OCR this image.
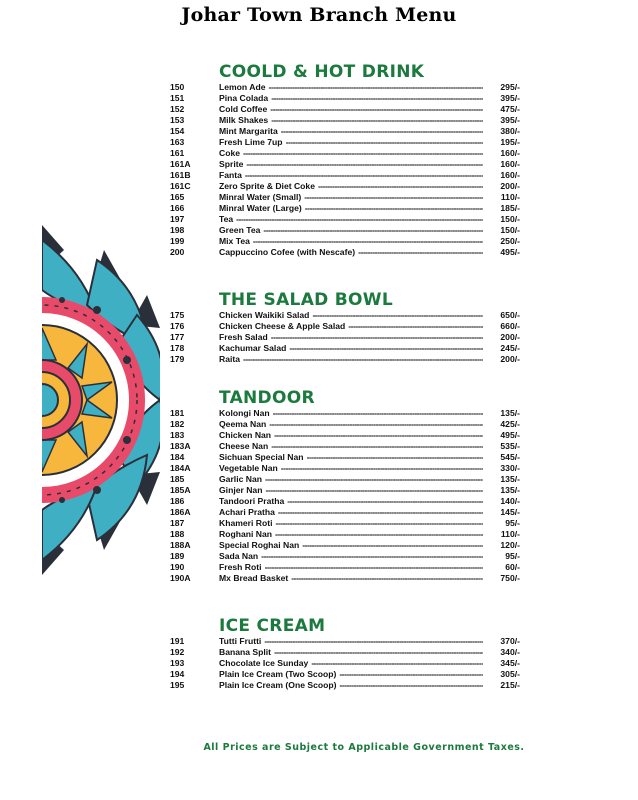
Johar Town Branch Menu
COOLD & HOT DRINK
150	Lemon Ade -----	295/-
151	Pina Colada -----	395/-
152	Cold Coffee -----	475/-
153	Milk Shakes -----	395/-
154	Mint Margarita -----	380/-
163	Fresh Lime 7up -----	195/-
161	Coke -----	160/-
161A	Sprite -----	160/-
161B	Fanta -----	160/-
161C	Zero Sprite & Diet Coke -----	200/-
165	Minral Water (Small) -----	110/-
166	Minral Water (Large) -----	185/-
197	Tea -----	150/-
198	Green Tea -----	150/-
199	Mix Tea -----	250/-
200	Cappuccino Cofee (with Nescafe) -----	495/-
THE SALAD BOWL
175	Chicken Waikiki Salad -----	650/-
176	Chicken Cheese & Apple Salad -----	660/-
177	Fresh Salad -----	200/-
178	Kachumar Salad -----	245/-
179	Raita -----	200/-
TANDOOR
181	Kolongi Nan -----	135/-
182	Qeema Nan -----	425/-
183	Chicken Nan -----	495/-
183A	Cheese Nan -----	535/-
184	Sichuan Special Nan -----	545/-
184A	Vegetable Nan -----	330/-
185	Garlic Nan -----	135/-
185A	Ginjer Nan -----	135/-
186	Tandoori Pratha -----	140/-
186A	Achari Pratha -----	145/-
187	Khameri Roti -----	95/-
188	Roghani Nan -----	110/-
188A	Special Roghai Nan -----	120/-
189	Sada Nan -----	95/-
190	Fresh Roti -----	60/-
190A	Mx Bread Basket -----	750/-
ICE CREAM
191	Tutti Frutti -----	370/-
192	Banana Split -----	340/-
193	Chocolate Ice Sunday -----	345/-
194	Plain Ice Cream (Two Scoop) -----	305/-
195	Plain Ice Cream (One Scoop) -----	215/-
All Prices are Subject to Applicable Government Taxes.
